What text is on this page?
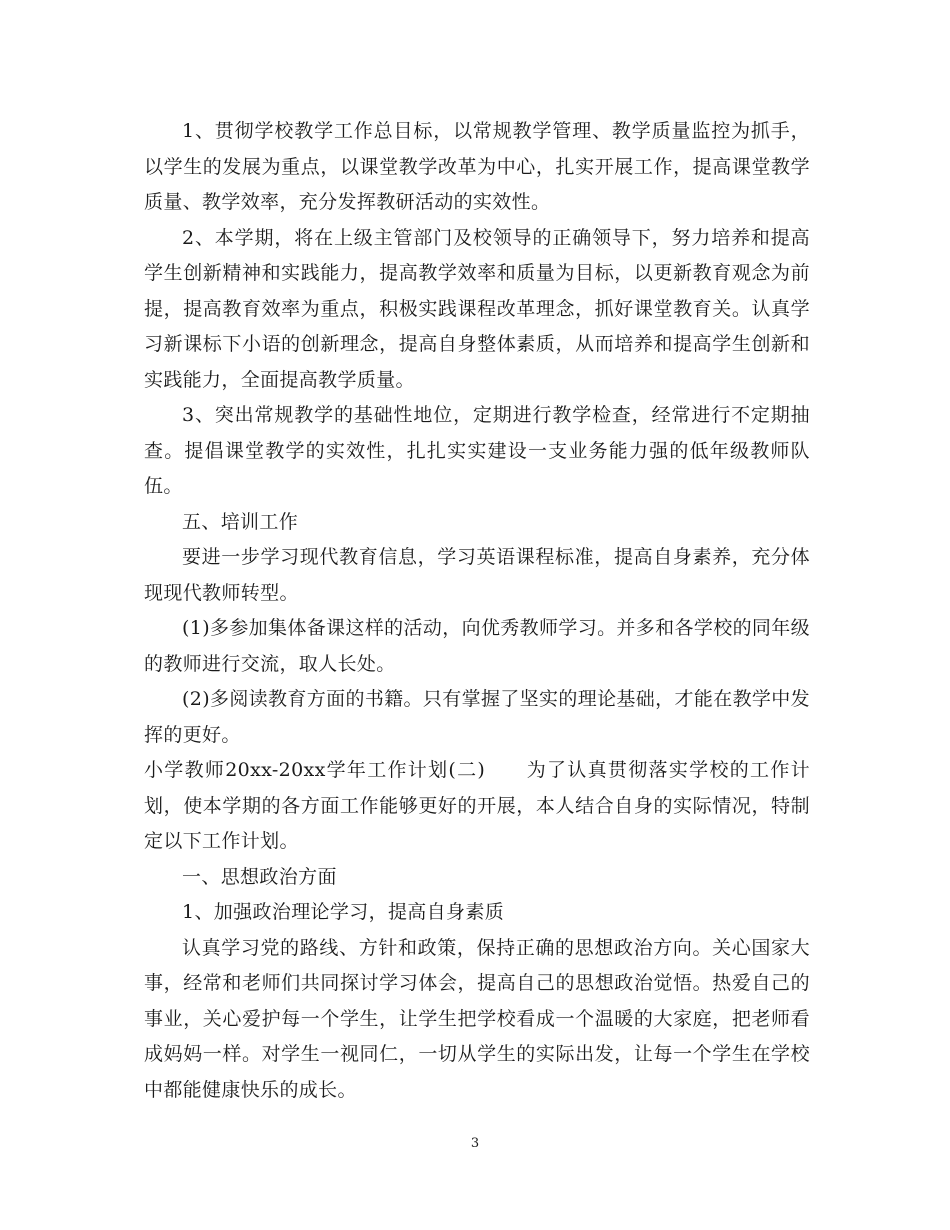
1、贯彻学校教学工作总目标，以常规教学管理、教学质量监控为抓手，以学生的发展为重点，以课堂教学改革为中心，扎实开展工作，提高课堂教学质量、教学效率，充分发挥教研活动的实效性。

2、本学期，将在上级主管部门及校领导的正确领导下，努力培养和提高学生创新精神和实践能力，提高教学效率和质量为目标，以更新教育观念为前提，提高教育效率为重点，积极实践课程改革理念，抓好课堂教育关。认真学习新课标下小语的创新理念，提高自身整体素质，从而培养和提高学生创新和实践能力，全面提高教学质量。

3、突出常规教学的基础性地位，定期进行教学检查，经常进行不定期抽查。提倡课堂教学的实效性，扎扎实实建设一支业务能力强的低年级教师队伍。

五、培训工作

要进一步学习现代教育信息，学习英语课程标准，提高自身素养，充分体现现代教师转型。

(1)多参加集体备课这样的活动，向优秀教师学习。并多和各学校的同年级的教师进行交流，取人长处。

(2)多阅读教育方面的书籍。只有掌握了坚实的理论基础，才能在教学中发挥的更好。

小学教师20xx-20xx学年工作计划(二)　　为了认真贯彻落实学校的工作计划，使本学期的各方面工作能够更好的开展，本人结合自身的实际情况，特制定以下工作计划。

一、思想政治方面

1、加强政治理论学习，提高自身素质

认真学习党的路线、方针和政策，保持正确的思想政治方向。关心国家大事，经常和老师们共同探讨学习体会，提高自己的思想政治觉悟。热爱自己的事业，关心爱护每一个学生，让学生把学校看成一个温暖的大家庭，把老师看成妈妈一样。对学生一视同仁，一切从学生的实际出发，让每一个学生在学校中都能健康快乐的成长。

3
